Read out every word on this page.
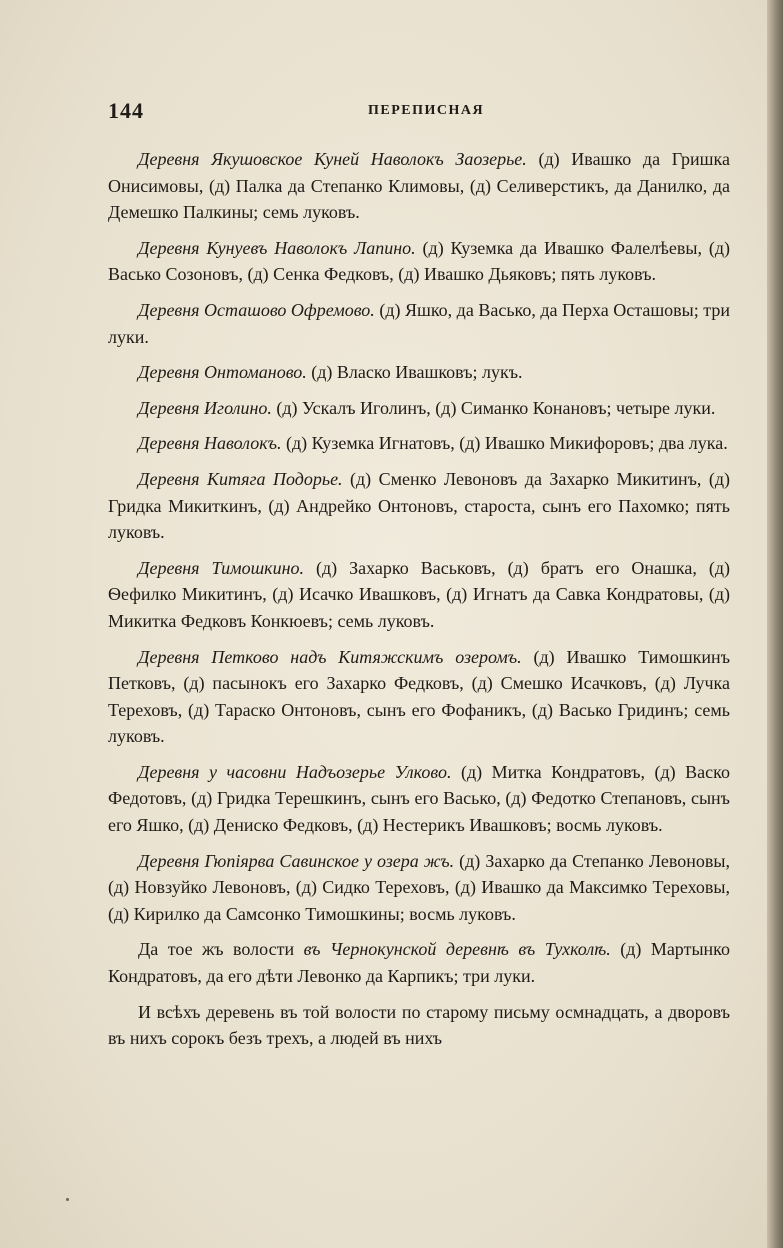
144	ПЕРЕПИСНАЯ

Деревня Якушовское Куней Наволокъ Заозерье. (д) Ивашко да Гришка Онисимовы, (д) Палка да Степанко Климовы, (д) Селиверстикъ, да Данилко, да Демешко Палкины; семь луковъ.

Деревня Кунуевъ Наволокъ Лапино. (д) Куземка да Ивашко Фалелѣевы, (д) Васько Созоновъ, (д) Сенка Федковъ, (д) Ивашко Дьяковъ; пять луковъ.

Деревня Осташово Офремово. (д) Яшко, да Васько, да Перха Осташовы; три луки.

Деревня Онтоманово. (д) Власко Ивашковъ; лукъ.

Деревня Иголино. (д) Ускалъ Иголинъ, (д) Симанко Конановъ; четыре луки.

Деревня Наволокъ. (д) Куземка Игнатовъ, (д) Ивашко Микифоровъ; два лука.

Деревня Китяга Подорье. (д) Сменко Левоновъ да Захарко Микитинъ, (д) Гридка Микиткинъ, (д) Андрейко Онтоновъ, староста, сынъ его Пахомко; пять луковъ.

Деревня Тимошкино. (д) Захарко Васьковъ, (д) братъ его Онашка, (д) Ѳефилко Микитинъ, (д) Исачко Ивашковъ, (д) Игнатъ да Савка Кондратовы, (д) Микитка Федковъ Конкюевъ; семь луковъ.

Деревня Петково надъ Китяжскимъ озеромъ. (д) Ивашко Тимошкинъ Петковъ, (д) пасынокъ его Захарко Федковъ, (д) Смешко Исачковъ, (д) Лучка Тереховъ, (д) Тараско Онтоновъ, сынъ его Фофаникъ, (д) Васько Гридинъ; семь луковъ.

Деревня у часовни Надъозерье Улково. (д) Митка Кондратовъ, (д) Васко Федотовъ, (д) Гридка Терешкинъ, сынъ его Васько, (д) Федотко Степановъ, сынъ его Яшко, (д) Дениско Федковъ, (д) Нестерикъ Ивашковъ; восмь луковъ.

Деревня Гюпiярва Савинское у озера жъ. (д) Захарко да Степанко Левоновы, (д) Новзуйко Левоновъ, (д) Сидко Тереховъ, (д) Ивашко да Максимко Тереховы, (д) Кирилко да Самсонко Тимошкины; восмь луковъ.

Да тое жъ волости въ Чернокунской деревнѣ въ Тухколѣ. (д) Мартынко Кондратовъ, да его дѣти Левонко да Карпикъ; три луки.

И всѣхъ деревень въ той волости по старому письму осмнадцать, а дворовъ въ нихъ сорокъ безъ трехъ, а людей въ нихъ
